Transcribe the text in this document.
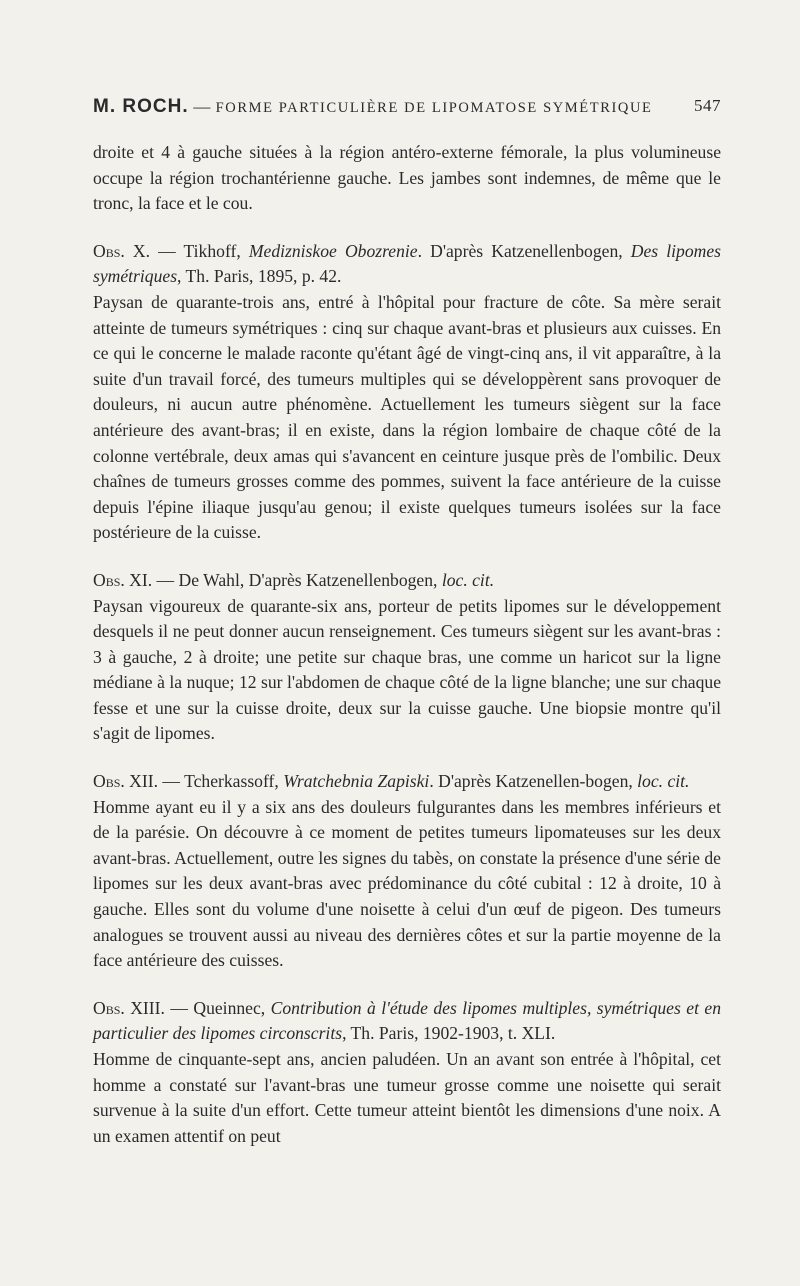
M. ROCH. — FORME PARTICULIÈRE DE LIPOMATOSE SYMÉTRIQUE 547

droite et 4 à gauche situées à la région antéro-externe fémorale, la plus volumineuse occupe la région trochantérienne gauche. Les jambes sont indemnes, de même que le tronc, la face et le cou.

Obs. X. — Tikhoff, Medizniskoe Obozrenie. D'après Katzenellenbogen, Des lipomes symétriques, Th. Paris, 1895, p. 42.

Paysan de quarante-trois ans, entré à l'hôpital pour fracture de côte. Sa mère serait atteinte de tumeurs symétriques : cinq sur chaque avant-bras et plusieurs aux cuisses. En ce qui le concerne le malade raconte qu'étant âgé de vingt-cinq ans, il vit apparaître, à la suite d'un travail forcé, des tumeurs multiples qui se développèrent sans provoquer de douleurs, ni aucun autre phénomène. Actuellement les tumeurs siègent sur la face antérieure des avant-bras; il en existe, dans la région lombaire de chaque côté de la colonne vertébrale, deux amas qui s'avancent en ceinture jusque près de l'ombilic. Deux chaînes de tumeurs grosses comme des pommes, suivent la face antérieure de la cuisse depuis l'épine iliaque jusqu'au genou; il existe quelques tumeurs isolées sur la face postérieure de la cuisse.

Obs. XI. — De Wahl, D'après Katzenellenbogen, loc. cit.

Paysan vigoureux de quarante-six ans, porteur de petits lipomes sur le développement desquels il ne peut donner aucun renseignement. Ces tumeurs siègent sur les avant-bras : 3 à gauche, 2 à droite; une petite sur chaque bras, une comme un haricot sur la ligne médiane à la nuque; 12 sur l'abdomen de chaque côté de la ligne blanche; une sur chaque fesse et une sur la cuisse droite, deux sur la cuisse gauche. Une biopsie montre qu'il s'agit de lipomes.

Obs. XII. — Tcherkassoff, Wratchebnia Zapiski. D'après Katzenellen-bogen, loc. cit.

Homme ayant eu il y a six ans des douleurs fulgurantes dans les membres inférieurs et de la parésie. On découvre à ce moment de petites tumeurs lipomateuses sur les deux avant-bras. Actuellement, outre les signes du tabès, on constate la présence d'une série de lipomes sur les deux avant-bras avec prédominance du côté cubital : 12 à droite, 10 à gauche. Elles sont du volume d'une noisette à celui d'un œuf de pigeon. Des tumeurs analogues se trouvent aussi au niveau des dernières côtes et sur la partie moyenne de la face antérieure des cuisses.

Obs. XIII. — Queinnec, Contribution à l'étude des lipomes multiples, symétriques et en particulier des lipomes circonscrits, Th. Paris, 1902-1903, t. XLI.

Homme de cinquante-sept ans, ancien paludéen. Un an avant son entrée à l'hôpital, cet homme a constaté sur l'avant-bras une tumeur grosse comme une noisette qui serait survenue à la suite d'un effort. Cette tumeur atteint bientôt les dimensions d'une noix. A un examen attentif on peut
